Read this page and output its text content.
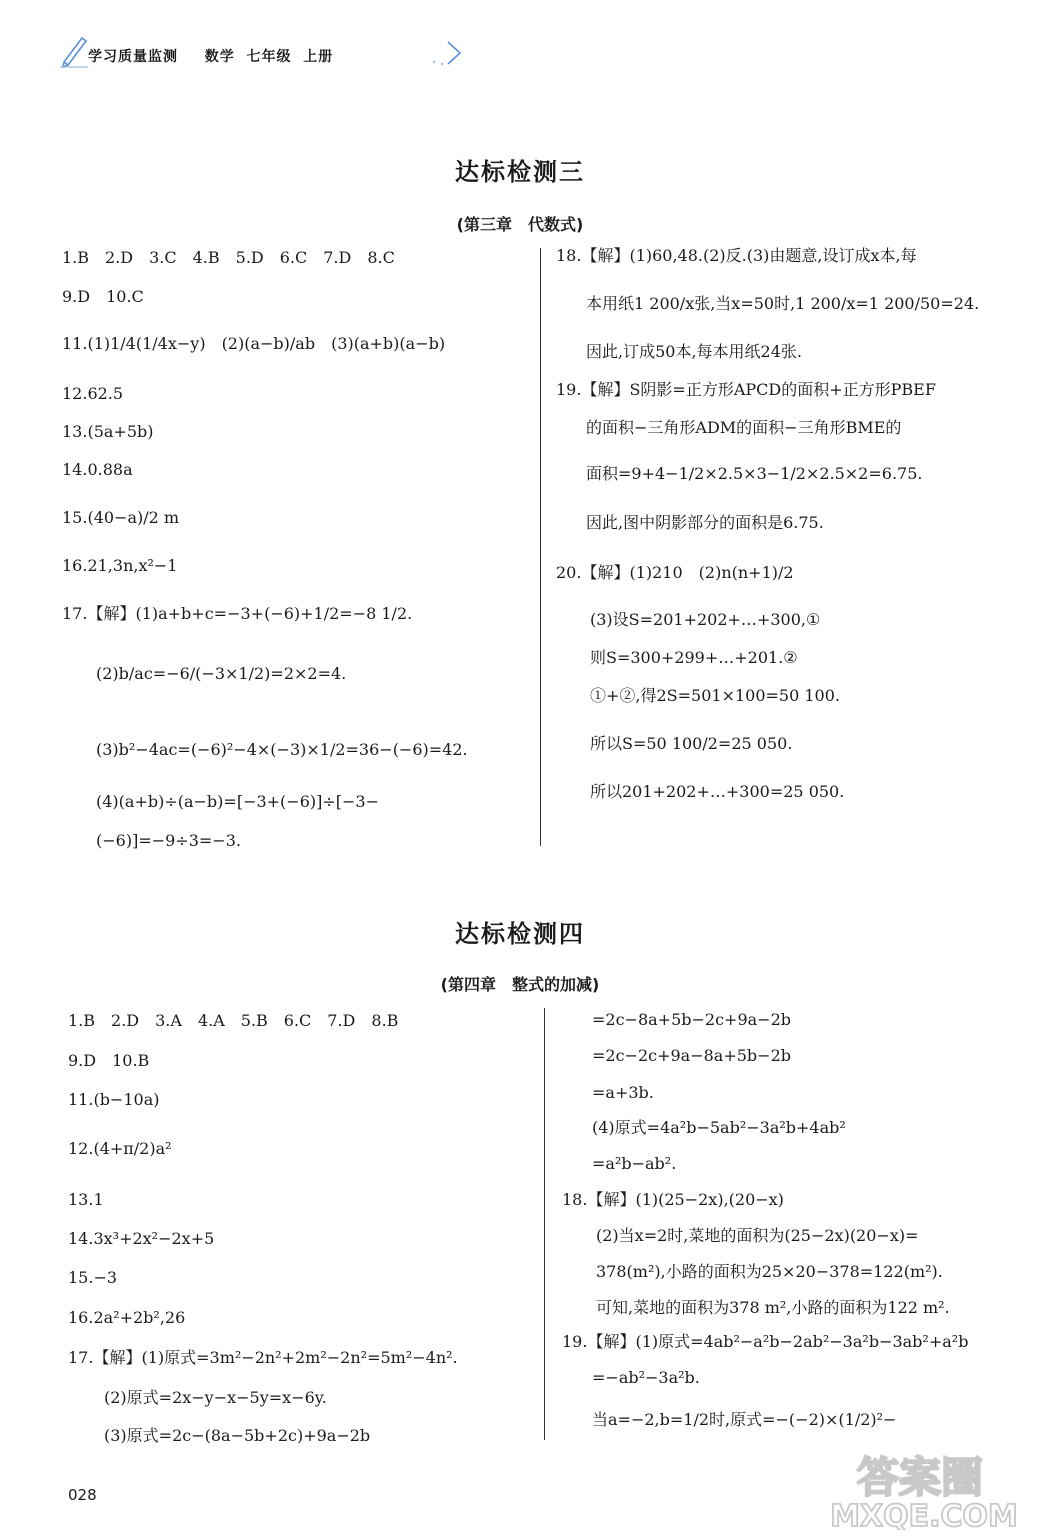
学习质量监测　 数学 七年级 上册
达标检测三
(第三章　代数式)
1.B　2.D　3.C　4.B　5.D　6.C　7.D　8.C
9.D　10.C
11.(1)1/4(1/4x−y)　(2)(a−b)/ab　(3)(a+b)(a−b)
12.62.5
13.(5a+5b)
14.0.88a
15.(40−a)/2 m
16.21,3n,x²−1
17.【解】(1)a+b+c=−3+(−6)+1/2=−8 1/2.
(2)b/ac=−6/(−3×1/2)=2×2=4.
(3)b²−4ac=(−6)²−4×(−3)×1/2=36−(−6)=42.
(4)(a+b)÷(a−b)=[−3+(−6)]÷[−3−
(−6)]=−9÷3=−3.
18.【解】(1)60,48.(2)反.(3)由题意,设订成x本,每
本用纸1 200/x张,当x=50时,1 200/x=1 200/50=24.
因此,订成50本,每本用纸24张.
19.【解】S阴影=正方形APCD的面积+正方形PBEF
的面积−三角形ADM的面积−三角形BME的
面积=9+4−1/2×2.5×3−1/2×2.5×2=6.75.
因此,图中阴影部分的面积是6.75.
20.【解】(1)210　(2)n(n+1)/2
(3)设S=201+202+…+300,①
则S=300+299+…+201.②
①+②,得2S=501×100=50 100.
所以S=50 100/2=25 050.
所以201+202+…+300=25 050.
达标检测四
(第四章　整式的加减)
1.B　2.D　3.A　4.A　5.B　6.C　7.D　8.B
9.D　10.B
11.(b−10a)
12.(4+π/2)a²
13.1
14.3x³+2x²−2x+5
15.−3
16.2a²+2b²,26
17.【解】(1)原式=3m²−2n²+2m²−2n²=5m²−4n².
(2)原式=2x−y−x−5y=x−6y.
(3)原式=2c−(8a−5b+2c)+9a−2b
=2c−8a+5b−2c+9a−2b
=2c−2c+9a−8a+5b−2b
=a+3b.
(4)原式=4a²b−5ab²−3a²b+4ab²
=a²b−ab².
18.【解】(1)(25−2x),(20−x)
(2)当x=2时,菜地的面积为(25−2x)(20−x)=
378(m²),小路的面积为25×20−378=122(m²).
可知,菜地的面积为378 m²,小路的面积为122 m².
19.【解】(1)原式=4ab²−a²b−2ab²−3a²b−3ab²+a²b
=−ab²−3a²b.
当a=−2,b=1/2时,原式=−(−2)×(1/2)²−
028	答案圈
MXQE.COM
